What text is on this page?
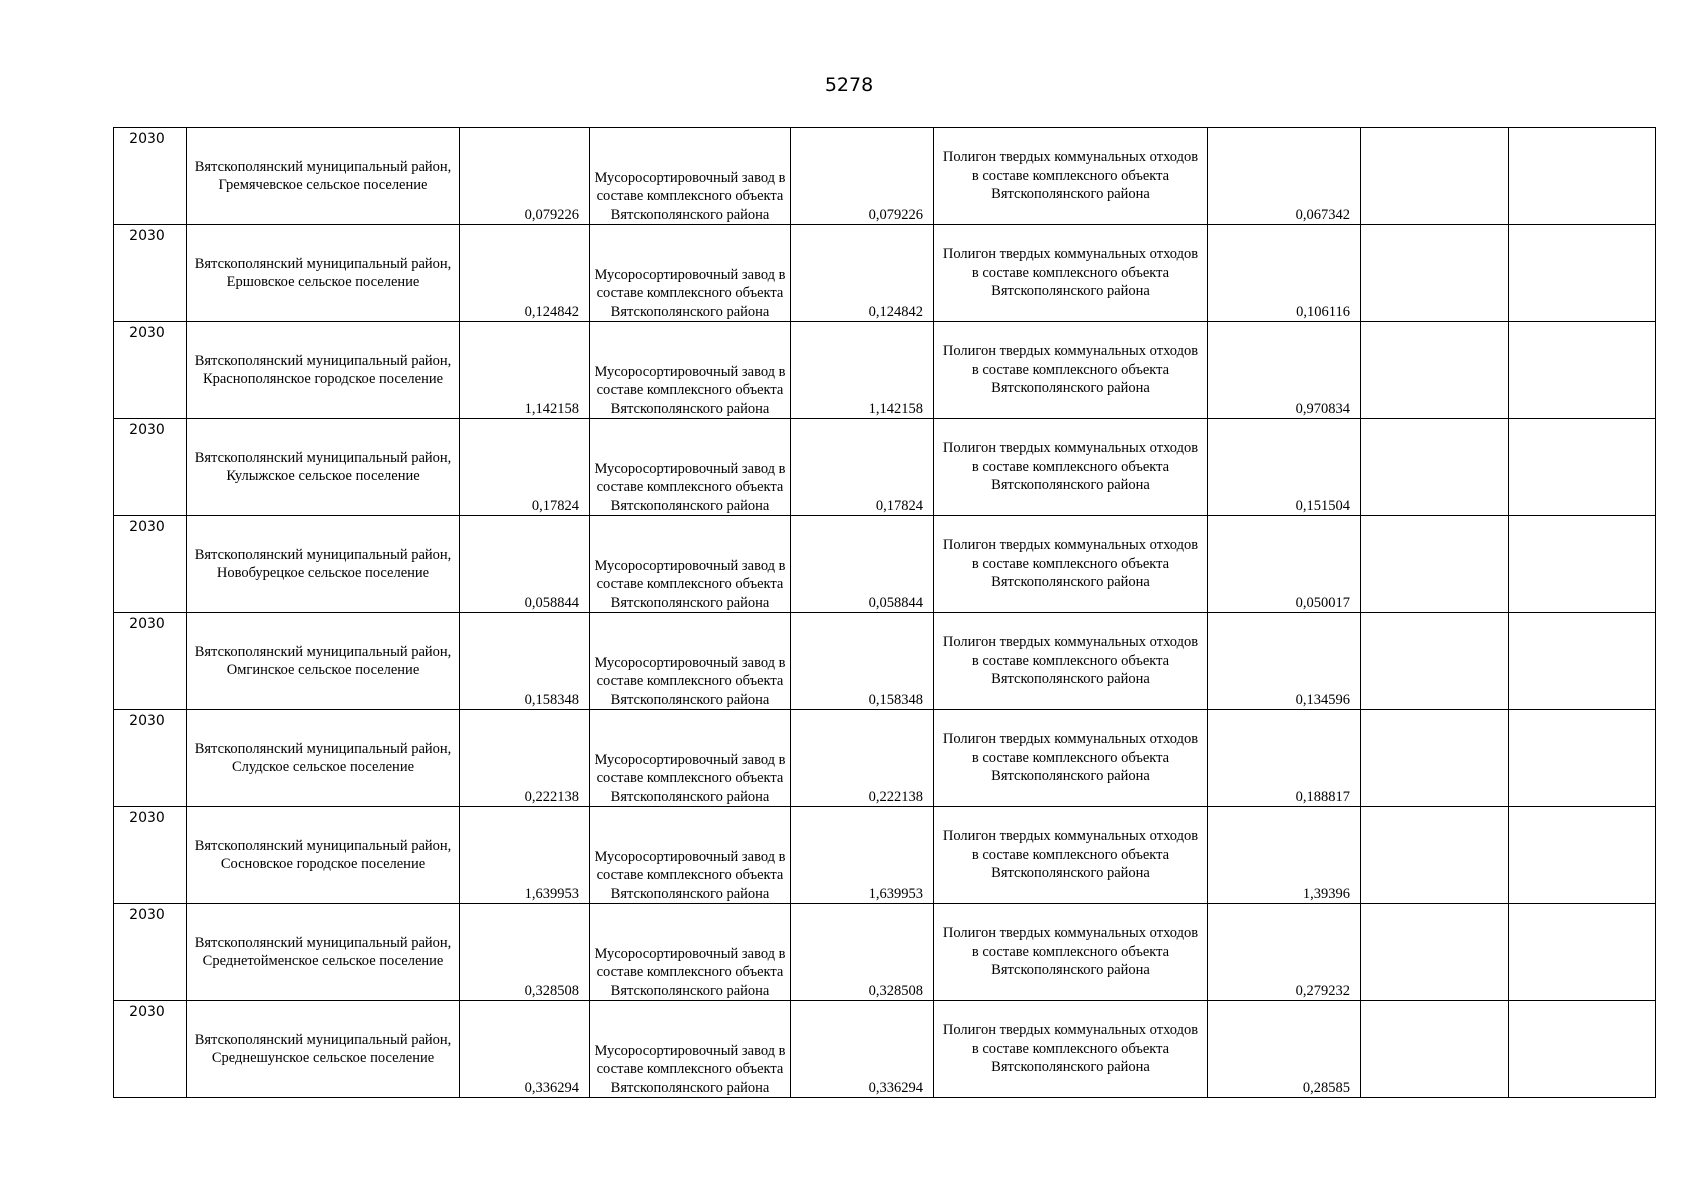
5278
2030	Вятскополянский муниципальный район, Гремячевское сельское поселение	0,079226	Мусоросортировочный завод в составе комплексного объекта Вятскополянского района	0,079226	Полигон твердых коммунальных отходов в составе комплексного объекта Вятскополянского района	0,067342		
2030	Вятскополянский муниципальный район, Ершовское сельское поселение	0,124842	Мусоросортировочный завод в составе комплексного объекта Вятскополянского района	0,124842	Полигон твердых коммунальных отходов в составе комплексного объекта Вятскополянского района	0,106116		
2030	Вятскополянский муниципальный район, Краснополянское городское поселение	1,142158	Мусоросортировочный завод в составе комплексного объекта Вятскополянского района	1,142158	Полигон твердых коммунальных отходов в составе комплексного объекта Вятскополянского района	0,970834		
2030	Вятскополянский муниципальный район, Кулыжское сельское поселение	0,17824	Мусоросортировочный завод в составе комплексного объекта Вятскополянского района	0,17824	Полигон твердых коммунальных отходов в составе комплексного объекта Вятскополянского района	0,151504		
2030	Вятскополянский муниципальный район, Новобурецкое сельское поселение	0,058844	Мусоросортировочный завод в составе комплексного объекта Вятскополянского района	0,058844	Полигон твердых коммунальных отходов в составе комплексного объекта Вятскополянского района	0,050017		
2030	Вятскополянский муниципальный район, Омгинское сельское поселение	0,158348	Мусоросортировочный завод в составе комплексного объекта Вятскополянского района	0,158348	Полигон твердых коммунальных отходов в составе комплексного объекта Вятскополянского района	0,134596		
2030	Вятскополянский муниципальный район, Слудское сельское поселение	0,222138	Мусоросортировочный завод в составе комплексного объекта Вятскополянского района	0,222138	Полигон твердых коммунальных отходов в составе комплексного объекта Вятскополянского района	0,188817		
2030	Вятскополянский муниципальный район, Сосновское городское поселение	1,639953	Мусоросортировочный завод в составе комплексного объекта Вятскополянского района	1,639953	Полигон твердых коммунальных отходов в составе комплексного объекта Вятскополянского района	1,39396		
2030	Вятскополянский муниципальный район, Среднетойменское сельское поселение	0,328508	Мусоросортировочный завод в составе комплексного объекта Вятскополянского района	0,328508	Полигон твердых коммунальных отходов в составе комплексного объекта Вятскополянского района	0,279232		
2030	Вятскополянский муниципальный район, Среднешунское сельское поселение	0,336294	Мусоросортировочный завод в составе комплексного объекта Вятскополянского района	0,336294	Полигон твердых коммунальных отходов в составе комплексного объекта Вятскополянского района	0,28585		
